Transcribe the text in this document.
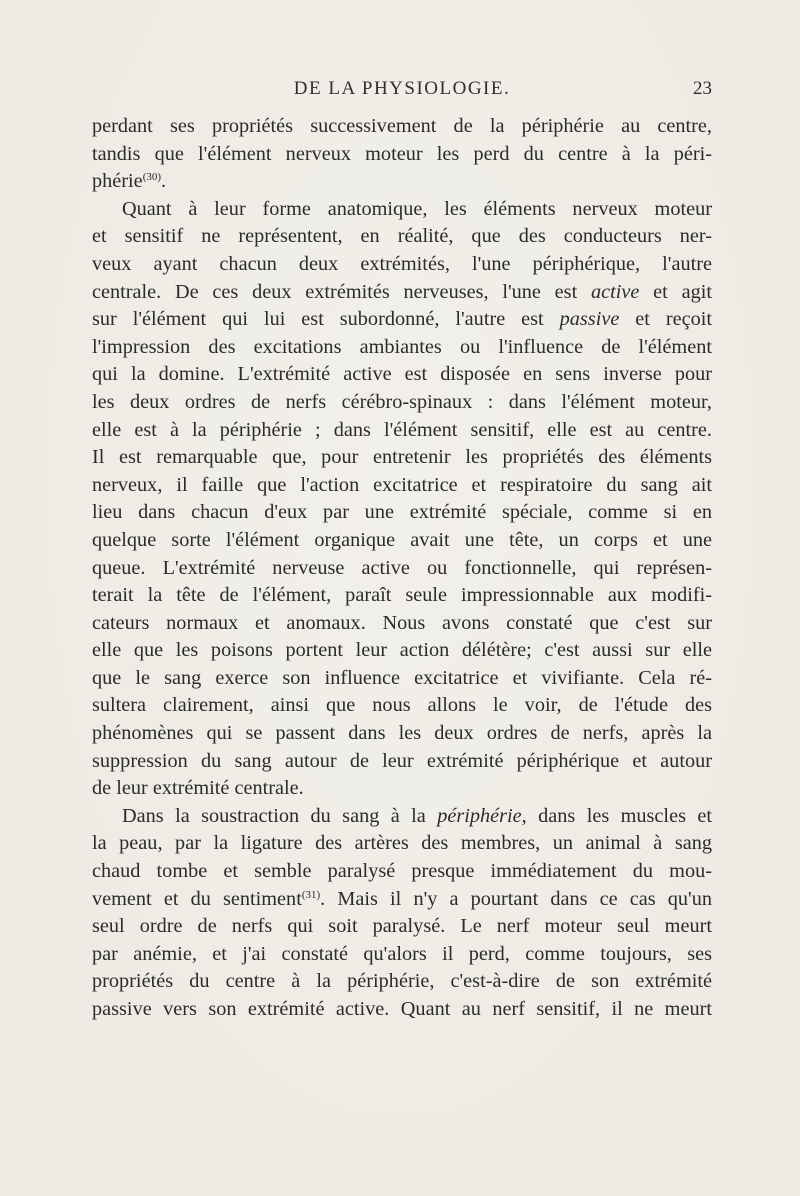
DE LA PHYSIOLOGIE.	23
perdant ses propriétés successivement de la périphérie au centre,
tandis que l'élément nerveux moteur les perd du centre à la péri-
phérie$^{(30)}$.
Quant à leur forme anatomique, les éléments nerveux moteur
et sensitif ne représentent, en réalité, que des conducteurs ner-
veux ayant chacun deux extrémités, l'une périphérique, l'autre
centrale. De ces deux extrémités nerveuses, l'une est active et agit
sur l'élément qui lui est subordonné, l'autre est passive et reçoit
l'impression des excitations ambiantes ou l'influence de l'élément
qui la domine. L'extrémité active est disposée en sens inverse pour
les deux ordres de nerfs cérébro-spinaux : dans l'élément moteur,
elle est à la périphérie ; dans l'élément sensitif, elle est au centre.
Il est remarquable que, pour entretenir les propriétés des éléments
nerveux, il faille que l'action excitatrice et respiratoire du sang ait
lieu dans chacun d'eux par une extrémité spéciale, comme si en
quelque sorte l'élément organique avait une tête, un corps et une
queue. L'extrémité nerveuse active ou fonctionnelle, qui représen-
terait la tête de l'élément, paraît seule impressionnable aux modifi-
cateurs normaux et anomaux. Nous avons constaté que c'est sur
elle que les poisons portent leur action délétère; c'est aussi sur elle
que le sang exerce son influence excitatrice et vivifiante. Cela ré-
sultera clairement, ainsi que nous allons le voir, de l'étude des
phénomènes qui se passent dans les deux ordres de nerfs, après la
suppression du sang autour de leur extrémité périphérique et autour
de leur extrémité centrale.
Dans la soustraction du sang à la périphérie, dans les muscles et
la peau, par la ligature des artères des membres, un animal à sang
chaud tombe et semble paralysé presque immédiatement du mou-
vement et du sentiment$^{(31)}$. Mais il n'y a pourtant dans ce cas qu'un
seul ordre de nerfs qui soit paralysé. Le nerf moteur seul meurt
par anémie, et j'ai constaté qu'alors il perd, comme toujours, ses
propriétés du centre à la périphérie, c'est-à-dire de son extrémité
passive vers son extrémité active. Quant au nerf sensitif, il ne meurt
